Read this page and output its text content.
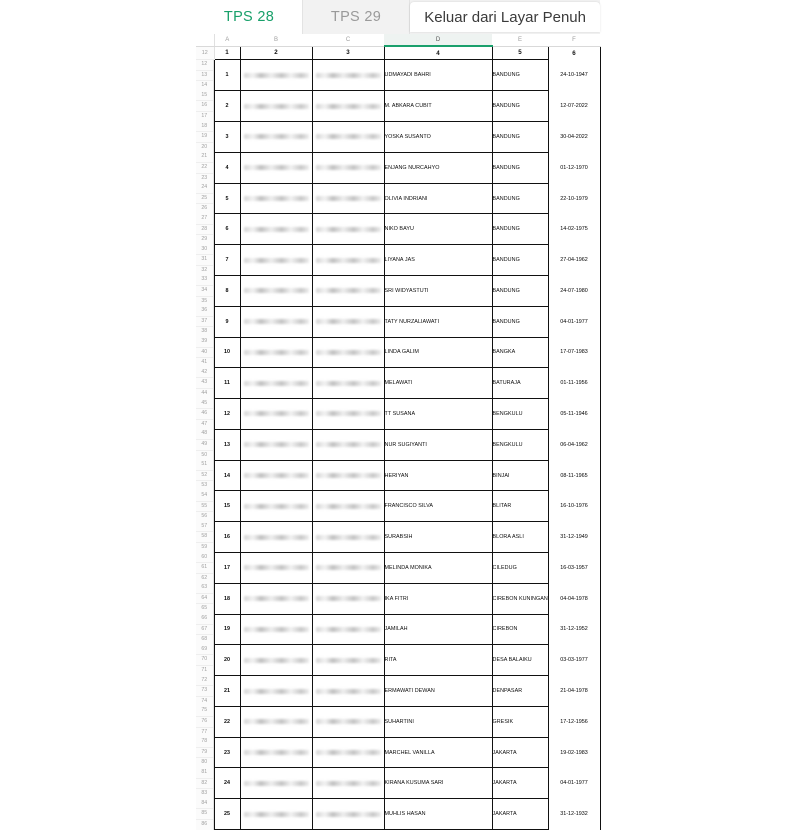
TPS 28	TPS 29	Keluar dari Layar Penuh
	A	B	C	D	E	F
12	1	2	3	4	5	6

12
13
14	1			UDMAYADI BAHRI	BANDUNG	24-10-1947

15
16
17	2			M. ABKARA CUBIT	BANDUNG	12-07-2022

18
19
20	3			YOSKA SUSANTO	BANDUNG	30-04-2022

21
22
23	4			ENJANG NURCAHYO	BANDUNG	01-12-1970

24
25
26	5			OLIVIA INDRIANI	BANDUNG	22-10-1979

27
28
29	6			NIKO BAYU	BANDUNG	14-02-1975

30
31
32	7			LIYANA JAS	BANDUNG	27-04-1962

33
34
35	8			SRI WIDYASTUTI	BANDUNG	24-07-1980

36
37
38	9			TATY NURZALIAWATI	BANDUNG	04-01-1977

39
40
41	10			LINDA GALIM	BANGKA	17-07-1983

42
43
44	11			MELAWATI	BATURAJA	01-11-1956

45
46
47	12			TT SUSANA	BENGKULU	05-11-1946

48
49
50	13			NUR SUGIYANTI	BENGKULU	06-04-1962

51
52
53	14			HERIYAN	BINJAI	08-11-1965

54
55
56	15			FRANCISCO SILVA	BLITAR	16-10-1976

57
58
59	16			SURABSIH	BLORA ASLI	31-12-1949

60
61
62	17			MELINDA MONIKA	CILEDUG	16-03-1957

63
64
65	18			IKA FITRI	CIREBON KUNINGAN	04-04-1978

66
67
68	19			JAMILAH	CIREBON	31-12-1952

69
70
71	20			RITA	DESA BALAIKU	03-03-1977

72
73
74	21			ERMAWATI DEWAN	DENPASAR	21-04-1978

75
76
77	22			SUHARTINI	GRESIK	17-12-1956

78
79
80	23			MARCHEL VANILLA	JAKARTA	19-02-1983

81
82
83	24			KIRANA KUSUMA SARI	JAKARTA	04-01-1977

84
85
86	25			MUHLIS HASAN	JAKARTA	31-12-1932
